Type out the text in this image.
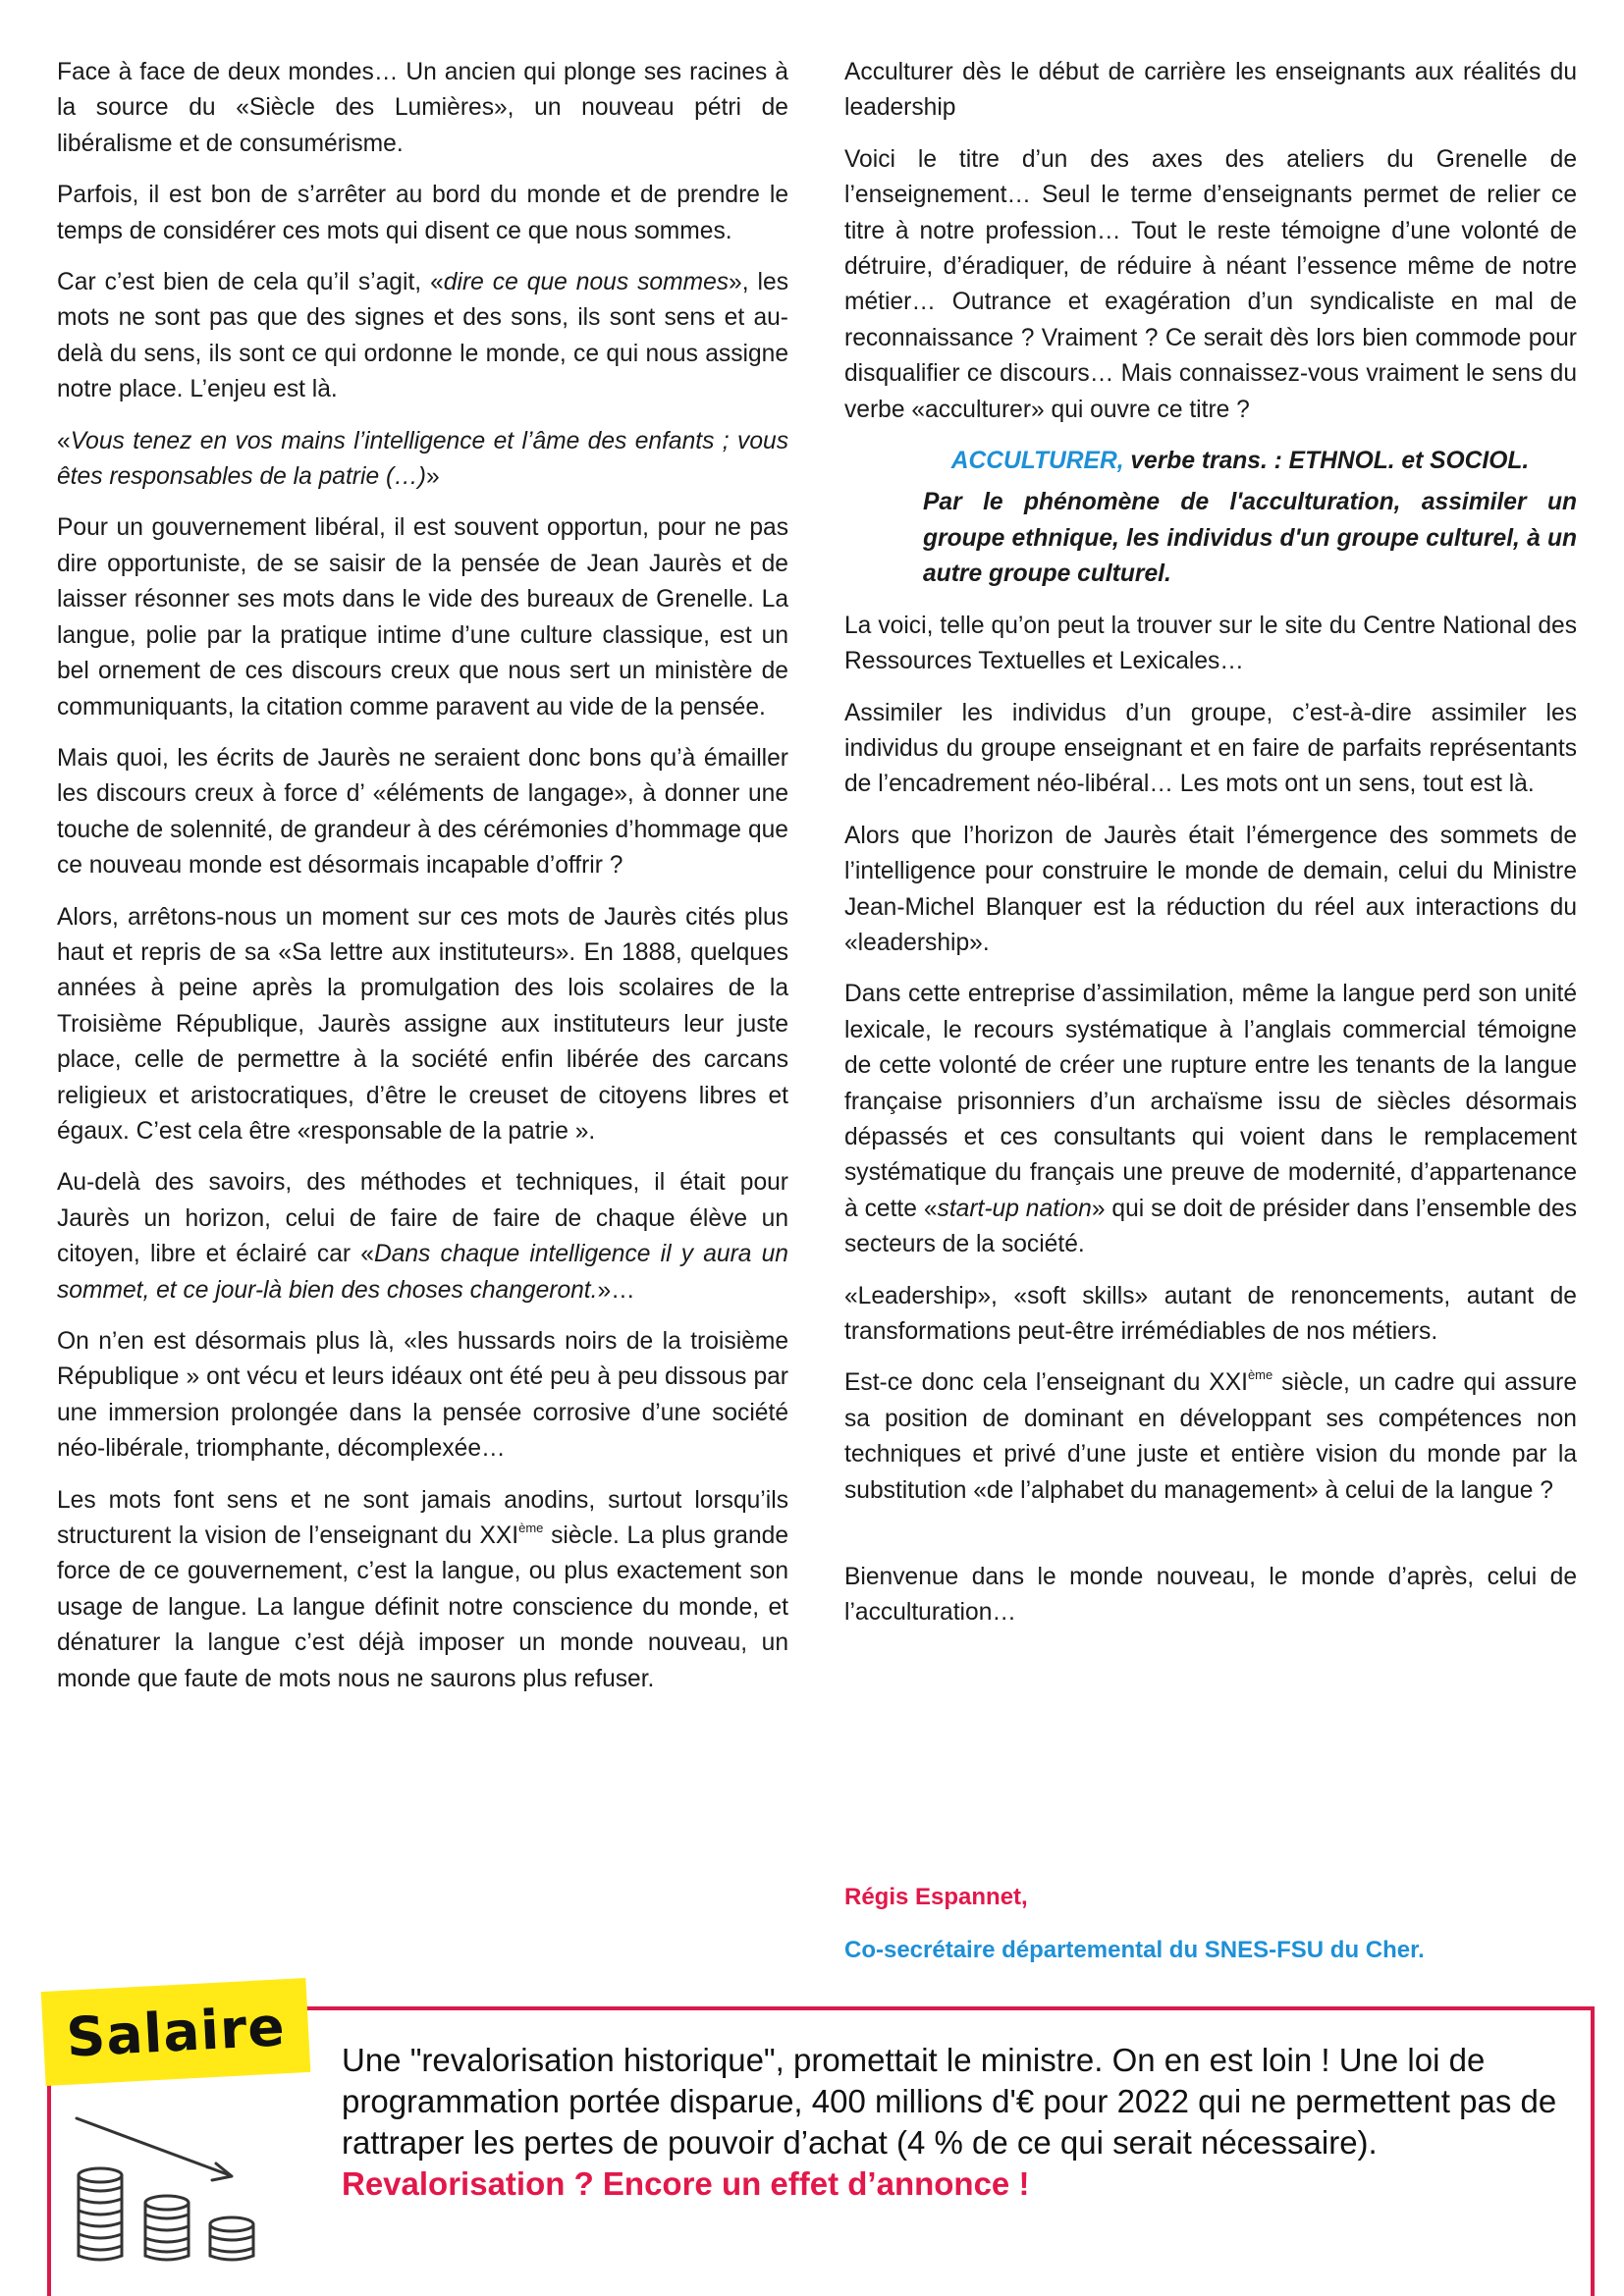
Face à face de deux mondes… Un ancien qui plonge ses racines à la source du «Siècle des Lumières», un nouveau pétri de libéralisme et de consumérisme.

Parfois, il est bon de s’arrêter au bord du monde et de prendre le temps de considérer ces mots qui disent ce que nous sommes.

Car c’est bien de cela qu’il s’agit, «dire ce que nous sommes», les mots ne sont pas que des signes et des sons, ils sont sens et au-delà du sens, ils sont ce qui ordonne le monde, ce qui nous assigne notre place. L’enjeu est là.

«Vous tenez en vos mains l’intelligence et l’âme des enfants ; vous êtes responsables de la patrie (…)»

Pour un gouvernement libéral, il est souvent opportun, pour ne pas dire opportuniste, de se saisir de la pensée de Jean Jaurès et de laisser résonner ses mots dans le vide des bureaux de Grenelle. La langue, polie par la pratique intime d’une culture classique, est un bel ornement de ces discours creux que nous sert un ministère de communiquants, la citation comme paravent au vide de la pensée.

Mais quoi, les écrits de Jaurès ne seraient donc bons qu’à émailler les discours creux à force d’ «éléments de langage», à donner une touche de solennité, de grandeur à des cérémonies d’hommage que ce nouveau monde est désormais incapable d’offrir ?

Alors, arrêtons-nous un moment sur ces mots de Jaurès cités plus haut et repris de sa «Sa lettre aux instituteurs». En 1888, quelques années à peine après la promulgation des lois scolaires de la Troisième République, Jaurès assigne aux instituteurs leur juste place, celle de permettre à la société enfin libérée des carcans religieux et aristocratiques, d’être le creuset de citoyens libres et égaux. C’est cela être «responsable de la patrie ».

Au-delà des savoirs, des méthodes et techniques, il était pour Jaurès un horizon, celui de faire de faire de chaque élève un citoyen, libre et éclairé car «Dans chaque intelligence il y aura un sommet, et ce jour-là bien des choses changeront.»…

On n’en est désormais plus là, «les hussards noirs de la troisième République » ont vécu et leurs idéaux ont été peu à peu dissous par une immersion prolongée dans la pensée corrosive d’une société néo-libérale, triomphante, décomplexée…

Les mots font sens et ne sont jamais anodins, surtout lorsqu’ils structurent la vision de l’enseignant du XXIème siècle. La plus grande force de ce gouvernement, c’est la langue, ou plus exactement son usage de langue. La langue définit notre conscience du monde, et dénaturer la langue c’est déjà imposer un monde nouveau, un monde que faute de mots nous ne saurons plus refuser.

Acculturer dès le début de carrière les enseignants aux réalités du leadership

Voici le titre d’un des axes des ateliers du Grenelle de l’enseignement… Seul le terme d’enseignants permet de relier ce titre à notre profession… Tout le reste témoigne d’une volonté de détruire, d’éradiquer, de réduire à néant l’essence même de notre métier… Outrance et exagération d’un syndicaliste en mal de reconnaissance ? Vraiment ? Ce serait dès lors bien commode pour disqualifier ce discours… Mais connaissez-vous vraiment le sens du verbe «acculturer» qui ouvre ce titre ?

ACCULTURER, verbe trans. : ETHNOL. et SOCIOL.

Par le phénomène de l'acculturation, assimiler un groupe ethnique, les individus d'un groupe culturel, à un autre groupe culturel.

La voici, telle qu’on peut la trouver sur le site du Centre National des Ressources Textuelles et Lexicales…

Assimiler les individus d’un groupe, c’est-à-dire assimiler les individus du groupe enseignant et en faire de parfaits représentants de l’encadrement néo-libéral… Les mots ont un sens, tout est là.

Alors que l’horizon de Jaurès était l’émergence des sommets de l’intelligence pour construire le monde de demain, celui du Ministre Jean-Michel Blanquer est la réduction du réel aux interactions du «leadership».

Dans cette entreprise d’assimilation, même la langue perd son unité lexicale, le recours systématique à l’anglais commercial témoigne de cette volonté de créer une rupture entre les tenants de la langue française prisonniers d’un archaïsme issu de siècles désormais dépassés et ces consultants qui voient dans le remplacement systématique du français une preuve de modernité, d’appartenance à cette «start-up nation» qui se doit de présider dans l’ensemble des secteurs de la société.

«Leadership», «soft skills» autant de renoncements, autant de transformations peut-être irrémédiables de nos métiers.

Est-ce donc cela l’enseignant du XXIème siècle, un cadre qui assure sa position de dominant en développant ses compétences non techniques et privé d’une juste et entière vision du monde par la substitution «de l’alphabet du management» à celui de la langue ?

Bienvenue dans le monde nouveau, le monde d’après, celui de l’acculturation…

Régis Espannet,
Co-secrétaire départemental du SNES-FSU du Cher.
Salaire Une "revalorisation historique", promettait le ministre. On en est loin ! Une loi de programmation portée disparue, 400 millions d'€ pour 2022 qui ne permettent pas de rattraper les pertes de pouvoir d’achat (4 % de ce qui serait nécessaire). Revalorisation ? Encore un effet d’annonce !
